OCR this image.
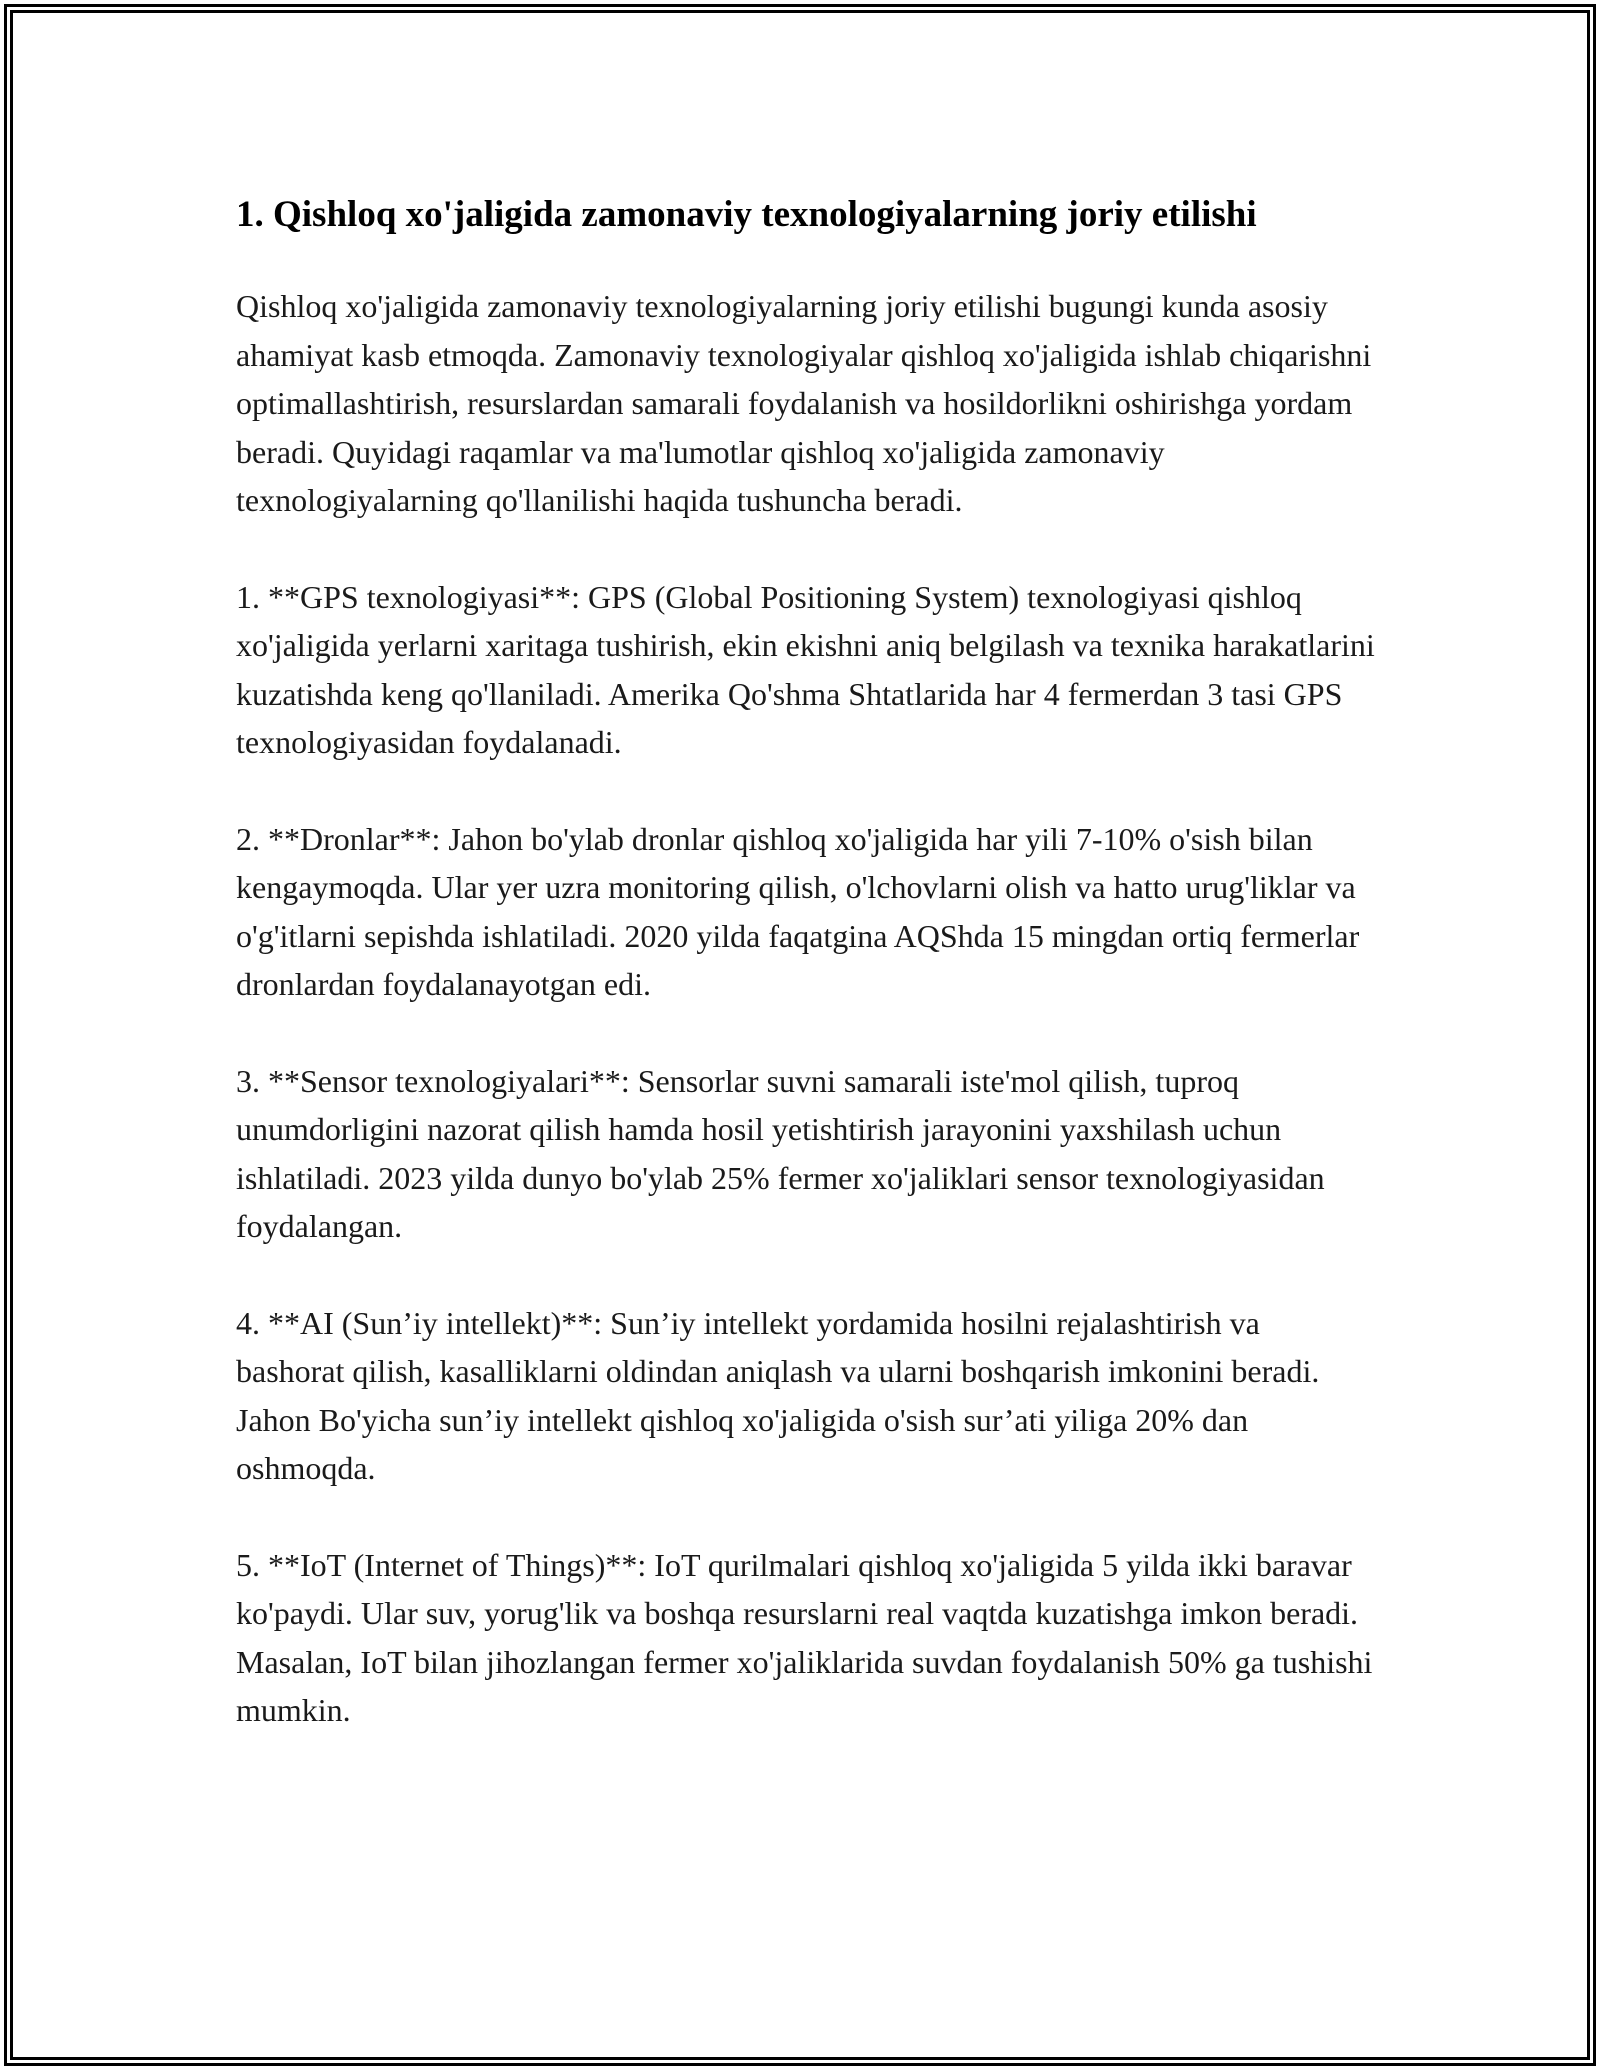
1. Qishloq xo'jaligida zamonaviy texnologiyalarning joriy etilishi

Qishloq xo'jaligida zamonaviy texnologiyalarning joriy etilishi bugungi kunda asosiy ahamiyat kasb etmoqda. Zamonaviy texnologiyalar qishloq xo'jaligida ishlab chiqarishni optimallashtirish, resurslardan samarali foydalanish va hosildorlikni oshirishga yordam beradi. Quyidagi raqamlar va ma'lumotlar qishloq xo'jaligida zamonaviy texnologiyalarning qo'llanilishi haqida tushuncha beradi.

1. **GPS texnologiyasi**: GPS (Global Positioning System) texnologiyasi qishloq xo'jaligida yerlarni xaritaga tushirish, ekin ekishni aniq belgilash va texnika harakatlarini kuzatishda keng qo'llaniladi. Amerika Qo'shma Shtatlarida har 4 fermerdan 3 tasi GPS texnologiyasidan foydalanadi.

2. **Dronlar**: Jahon bo'ylab dronlar qishloq xo'jaligida har yili 7-10% o'sish bilan kengaymoqda. Ular yer uzra monitoring qilish, o'lchovlarni olish va hatto urug'liklar va o'g'itlarni sepishda ishlatiladi. 2020 yilda faqatgina AQShda 15 mingdan ortiq fermerlar dronlardan foydalanayotgan edi.

3. **Sensor texnologiyalari**: Sensorlar suvni samarali iste'mol qilish, tuproq unumdorligini nazorat qilish hamda hosil yetishtirish jarayonini yaxshilash uchun ishlatiladi. 2023 yilda dunyo bo'ylab 25% fermer xo'jaliklari sensor texnologiyasidan foydalangan.

4. **AI (Sun’iy intellekt)**: Sun’iy intellekt yordamida hosilni rejalashtirish va bashorat qilish, kasalliklarni oldindan aniqlash va ularni boshqarish imkonini beradi. Jahon Bo'yicha sun’iy intellekt qishloq xo'jaligida o'sish sur’ati yiliga 20% dan oshmoqda.

5. **IoT (Internet of Things)**: IoT qurilmalari qishloq xo'jaligida 5 yilda ikki baravar ko'paydi. Ular suv, yorug'lik va boshqa resurslarni real vaqtda kuzatishga imkon beradi. Masalan, IoT bilan jihozlangan fermer xo'jaliklarida suvdan foydalanish 50% ga tushishi mumkin.
